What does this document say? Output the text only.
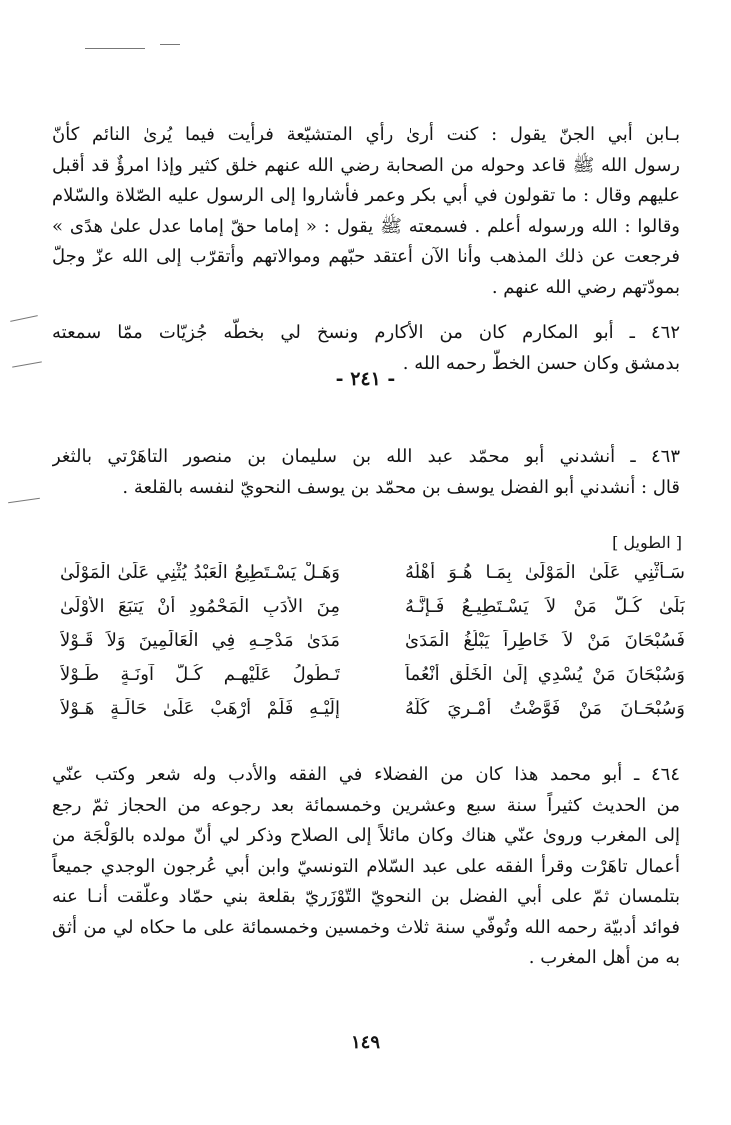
بـابن أبي الجنّ يقول : كنت أرىٰ رأي المتشيّعة فرأيت فيما يُرىٰ النائم كأنّ
رسول الله ﷺ قاعد وحوله من الصحابة رضي الله عنهم خلق كثير وإذا امرؤٌ قد أقبل
عليهم وقال : ما تقولون في أبي بكر وعمر فأشاروا إلى الرسول عليه الصّلاة والسّلام
وقالوا : الله ورسوله أعلم . فسمعته ﷺ يقول : « إماما حقّ إماما عدل علىٰ هدًى »
فرجعت عن ذلك المذهب وأنا الآن أعتقد حبّهم وموالاتهم وأتقرّب إلى الله عزّ وجلّ
بمودّتهم رضي الله عنهم .
٤٦٢ ـ أبو المكارم كان من الأكارم ونسخ لي بخطّه جُزيّات ممّا سمعته
بدمشق وكان حسن الخطّ رحمه الله .
- ٢٤١ -
٤٦٣ ـ أنشدني أبو محمّد عبد الله بن سليمان بن منصور التاهَرْتي بالثغر
قال : أنشدني أبو الفضل يوسف بن محمّد بن يوسف النحويّ لنفسه بالقلعة .
[ الطويل ]
سَـأُثْنِي عَلَىٰ الْمَوْلَىٰ بِمَـا هُـوَ أَهْلُهُ
وَهَـلْ يَسْـتَطِيعُ الْعَبْدُ يُثْنِي عَلَىٰ الْمَوْلَىٰ
بَلَىٰ كُـلُّ مَنْ لاَ يَسْـتَطِيـعُ فَـإِنَّـهُ
مِنَ الأَدَبِ الْمَحْمُودِ أَنْ يَتبَعَ الأَوْلَىٰ
فَسُبْحَانَ مَنْ لاَ خَاطِراً يَبْلُغُ الْمَدَىٰ
مَدَىٰ مَدْحِـهِ فِي الْعَالَمِينَ وَلاَ قَـوْلاَ
وَسُبْحَانَ مَنْ يُسْدِي إِلَىٰ الْخَلْقِ أَنْعُماً
تَـطُولُ عَلَيْهِـم كُـلَّ آونَـةٍ طَـوْلاَ
وَسُبْحَـانَ مَنْ فَوَّضْتُ أَمْـرِيَ كُلَّهُ
إِلَيْـهِ فَلَمْ أَرْهَبْ عَلَىٰ حَالَـةٍ هَـوْلاَ
٤٦٤ ـ أبو محمد هذا كان من الفضلاء في الفقه والأدب وله شعر وكتب عنّي
من الحديث كثيراً سنة سبع وعشرين وخمسمائة بعد رجوعه من الحجاز ثمّ رجع
إلى المغرب وروىٰ عنّي هناك وكان مائلاً إلى الصلاح وذكر لي أنّ مولده بالوَلْجَة من
أعمال تاهَرْت وقرأ الفقه على عبد السّلام التونسيّ وابن أبي عُرجون الوجدي جميعاً
بتلمسان ثمّ على أبي الفضل بن النحويّ التّوْزَريّ بقلعة بني حمّاد وعلّقت أنـا عنه
فوائد أدبيّة رحمه الله وتُوفّي سنة ثلاث وخمسين وخمسمائة على ما حكاه لي من أثق
به من أهل المغرب .
١٤٩
